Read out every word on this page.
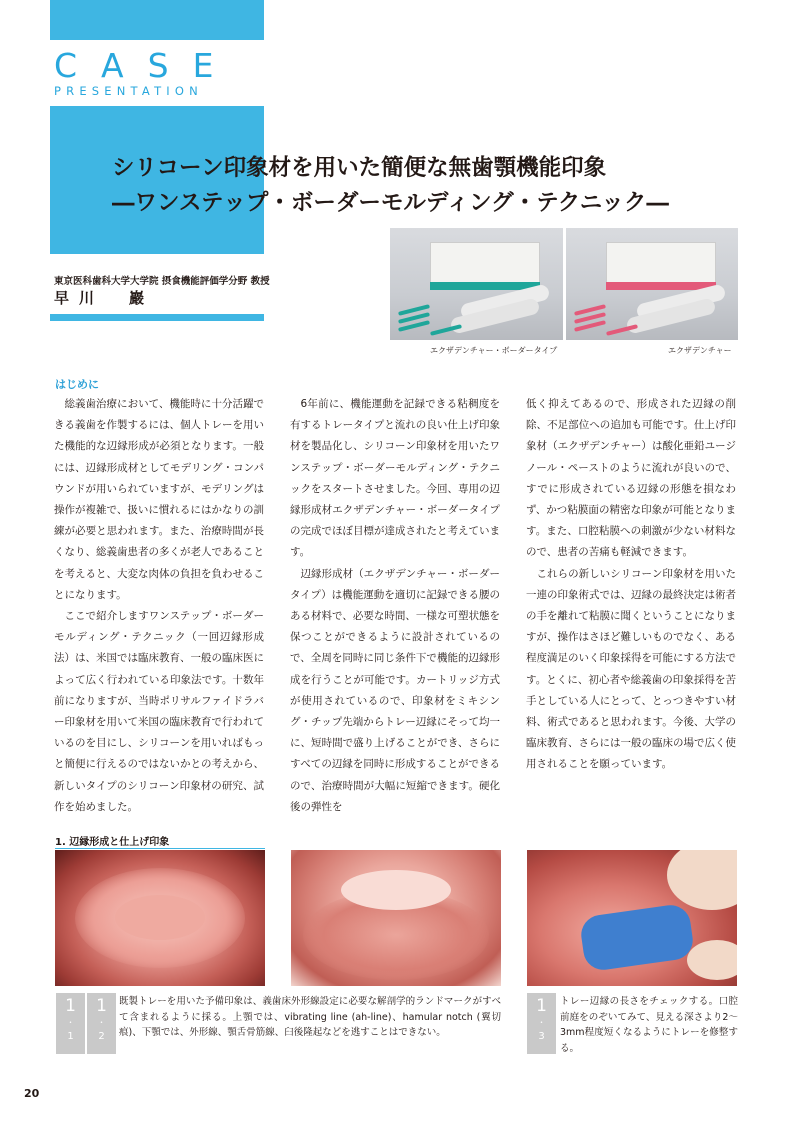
CASE
PRESENTATION
シリコーン印象材を用いた簡便な無歯顎機能印象
―ワンステップ・ボーダーモルディング・テクニック―
東京医科歯科大学大学院 摂食機能評価学分野 教授
早川　巖
エクザデンチャー・ボーダータイプ	エクザデンチャー
はじめに

総義歯治療において、機能時に十分活躍できる義歯を作製するには、個人トレーを用いた機能的な辺縁形成が必須となります。一般には、辺縁形成材としてモデリング・コンパウンドが用いられていますが、モデリングは操作が複雑で、扱いに慣れるにはかなりの訓練が必要と思われます。また、治療時間が長くなり、総義歯患者の多くが老人であることを考えると、大変な肉体の負担を負わせることになります。

ここで紹介しますワンステップ・ボーダーモルディング・テクニック（一回辺縁形成法）は、米国では臨床教育、一般の臨床医によって広く行われている印象法です。十数年前になりますが、当時ポリサルファイドラバー印象材を用いて米国の臨床教育で行われているのを目にし、シリコーンを用いればもっと簡便に行えるのではないかとの考えから、新しいタイプのシリコーン印象材の研究、試作を始めました。

6年前に、機能運動を記録できる粘稠度を有するトレータイプと流れの良い仕上げ印象材を製品化し、シリコーン印象材を用いたワンステップ・ボーダーモルディング・テクニックをスタートさせました。今回、専用の辺縁形成材エクザデンチャー・ボーダータイプの完成でほぼ目標が達成されたと考えています。

辺縁形成材（エクザデンチャー・ボーダータイプ）は機能運動を適切に記録できる腰のある材料で、必要な時間、一様な可塑状態を保つことができるように設計されているので、全周を同時に同じ条件下で機能的辺縁形成を行うことが可能です。カートリッジ方式が使用されているので、印象材をミキシング・チップ先端からトレー辺縁にそって均一に、短時間で盛り上げることができ、さらにすべての辺縁を同時に形成することができるので、治療時間が大幅に短縮できます。硬化後の弾性を

低く抑えてあるので、形成された辺縁の削除、不足部位への追加も可能です。仕上げ印象材（エクザデンチャー）は酸化亜鉛ユージノール・ペーストのように流れが良いので、すでに形成されている辺縁の形態を損なわず、かつ粘膜面の精密な印象が可能となります。また、口腔粘膜への刺激が少ない材料なので、患者の苦痛も軽減できます。

これらの新しいシリコーン印象材を用いた一連の印象術式では、辺縁の最終決定は術者の手を離れて粘膜に聞くということになりますが、操作はさほど難しいものでなく、ある程度満足のいく印象採得を可能にする方法です。とくに、初心者や総義歯の印象採得を苦手としている人にとって、とっつきやすい材料、術式であると思われます。今後、大学の臨床教育、さらには一般の臨床の場で広く使用されることを願っています。

1. 辺縁形成と仕上げ印象
1
・
1
1
・
2
既製トレーを用いた予備印象は、義歯床外形線設定に必要な解剖学的ランドマークがすべて含まれるように採る。上顎では、vibrating line (ah-line)、hamular notch (翼切痕)、下顎では、外形線、顎舌骨筋線、臼後隆起などを逃すことはできない。
1
・
3
トレー辺縁の長さをチェックする。口腔前庭をのぞいてみて、見える深さより2～3mm程度短くなるようにトレーを修整する。
20
